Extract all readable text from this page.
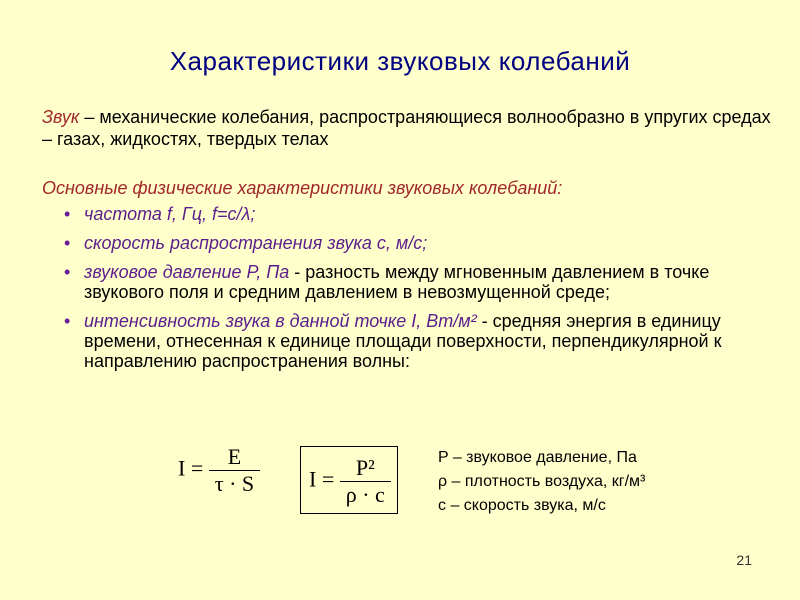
Характеристики звуковых колебаний
Звук – механические колебания, распространяющиеся волнообразно в упругих средах – газах, жидкостях, твердых телах
Основные физические характеристики звуковых колебаний:
• частота f, Гц, f=c/λ;
• скорость распространения звука c, м/с;
• звуковое давление P, Па - разность между мгновенным давлением в точке звукового поля и средним давлением в невозмущенной среде;
• интенсивность звука в данной точке I, Вт/м² - средняя энергия в единицу времени, отнесенная к единице площади поверхности, перпендикулярной к направлению распространения волны:
$I = \frac{E}{\tau \cdot S}$ $I = \frac{\text{P²}}{\rho \cdot c}$	P – звуковое давление, Па
ρ – плотность воздуха, кг/м³
c – скорость звука, м/с
21
